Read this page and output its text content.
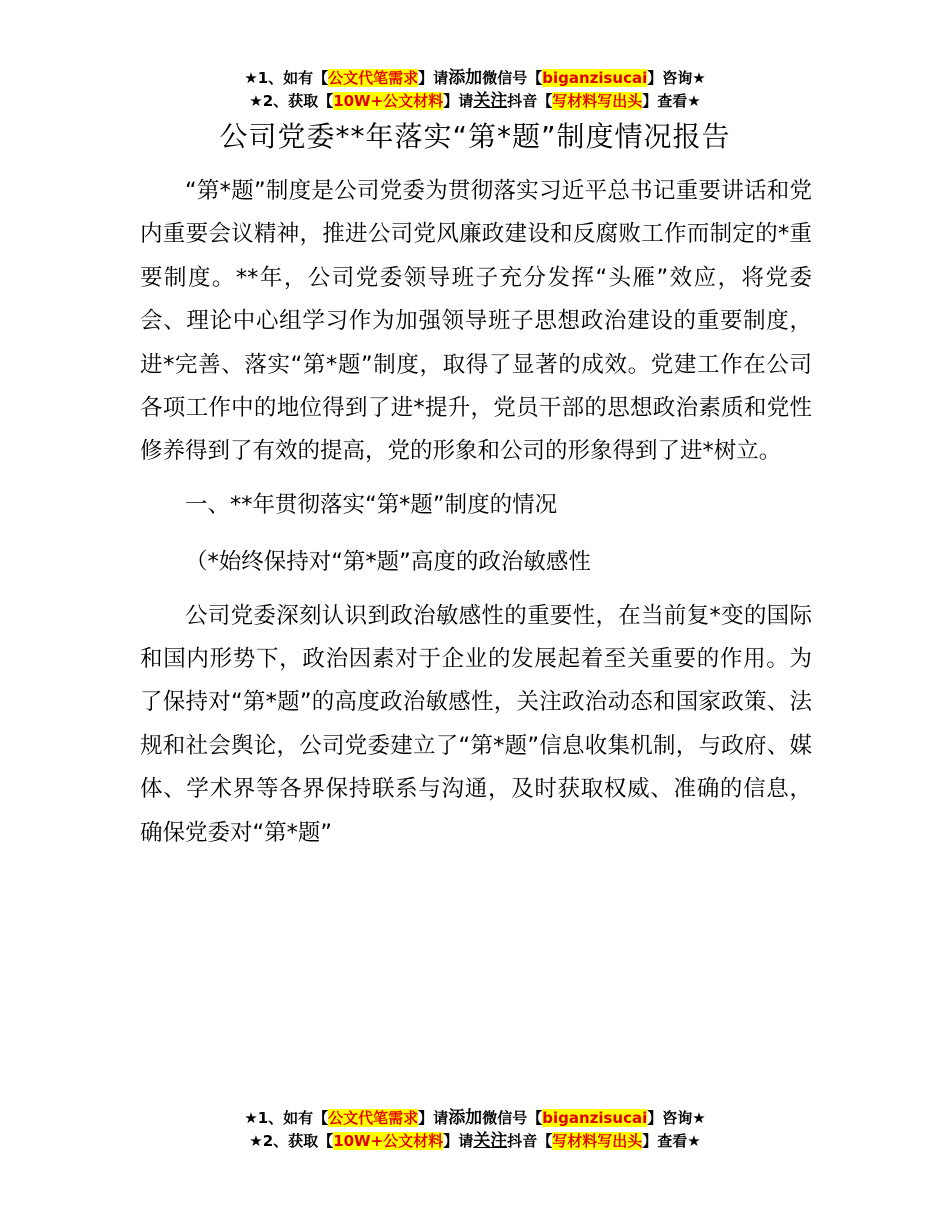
★1、如有【公文代笔需求】请添加微信号【biganzisucai】咨询★
★2、获取【10W+公文材料】请关注抖音【写材料写出头】查看★
公司党委**年落实“第*题”制度情况报告

“第*题”制度是公司党委为贯彻落实习近平总书记重要讲话和党内重要会议精神，推进公司党风廉政建设和反腐败工作而制定的*重要制度。**年，公司党委领导班子充分发挥“头雁”效应，将党委会、理论中心组学习作为加强领导班子思想政治建设的重要制度，进*完善、落实“第*题”制度，取得了显著的成效。党建工作在公司各项工作中的地位得到了进*提升，党员干部的思想政治素质和党性修养得到了有效的提高，党的形象和公司的形象得到了进*树立。

一、**年贯彻落实“第*题”制度的情况

（*始终保持对“第*题”高度的政治敏感性

公司党委深刻认识到政治敏感性的重要性，在当前复*变的国际和国内形势下，政治因素对于企业的发展起着至关重要的作用。为了保持对“第*题”的高度政治敏感性，关注政治动态和国家政策、法规和社会舆论，公司党委建立了“第*题”信息收集机制，与政府、媒体、学术界等各界保持联系与沟通，及时获取权威、准确的信息，确保党委对“第*题”

★1、如有【公文代笔需求】请添加微信号【biganzisucai】咨询★
★2、获取【10W+公文材料】请关注抖音【写材料写出头】查看★
